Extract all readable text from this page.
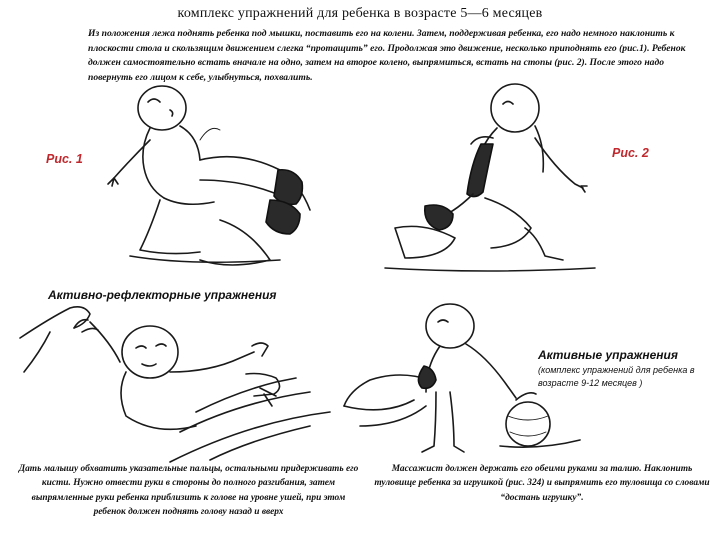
комплекс упражнений для ребенка в возрасте 5—6 месяцев
Из положения лежа поднять ребенка под мышки, поставить его на колени. Затем, поддерживая ребенка, его надо немного наклонить к плоскости стола и скользящим движением слегка “протащить” его. Продолжая это движение, несколько приподнять его (рис.1). Ребенок должен самостоятельно встать вначале на одно, затем на второе колено, выпрямиться, встать на стопы (рис. 2). После этого надо повернуть его лицом к себе, улыбнуться, похвалить.
Рис. 1	Рис. 2
Активно-рефлекторные упражнения
Активные упражнения
(комплекс упражнений для ребенка в возрасте 9-12 месяцев )
Дать малышу обхватить указательные пальцы, остальными придерживать его кисти. Нужно отвести руки в стороны до полного разгибания, затем выпрямленные руки ребенка приблизить к голове на уровне ушей, при этом ребенок должен поднять голову назад и вверх
Массажист должен держать его обеими руками за талию. Наклонить туловище ребенка за игрушкой (рис. 324) и выпрямить его туловища со словами “достань игрушку”.
